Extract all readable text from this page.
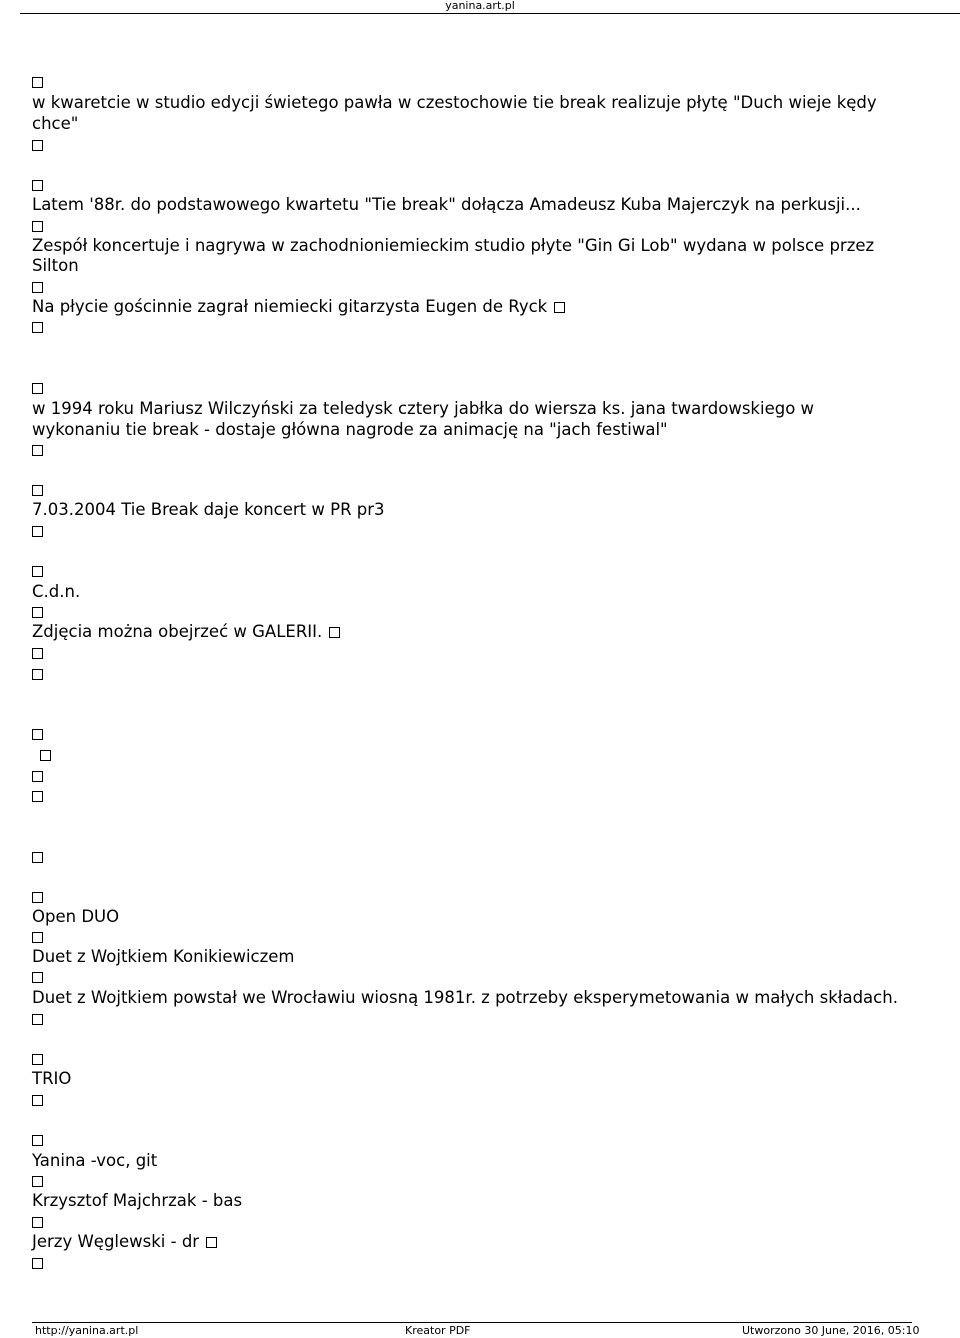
yanina.art.pl
w kwaretcie w studio edycji świetego pawła w czestochowie tie break realizuje płytę "Duch wieje kędy
chce"
Latem '88r. do podstawowego kwartetu "Tie break" dołącza Amadeusz Kuba Majerczyk na perkusji...
Zespół koncertuje i nagrywa w zachodnioniemieckim studio płyte "Gin Gi Lob" wydana w polsce przez
Silton
Na płycie gościnnie zagrał niemiecki gitarzysta Eugen de Ryck
w 1994 roku Mariusz Wilczyński za teledysk cztery jabłka do wiersza ks. jana twardowskiego w
wykonaniu tie break - dostaje główna nagrode za animację na "jach festiwal"
7.03.2004 Tie Break daje koncert w PR pr3
C.d.n.
Zdjęcia można obejrzeć w GALERII.
Open DUO
Duet z Wojtkiem Konikiewiczem
Duet z Wojtkiem powstał we Wrocławiu wiosną 1981r. z potrzeby eksperymetowania w małych składach.
TRIO
Yanina -voc, git
Krzysztof Majchrzak - bas
Jerzy Węglewski - dr
http://yanina.art.pl	Kreator PDF	Utworzono 30 June, 2016, 05:10
